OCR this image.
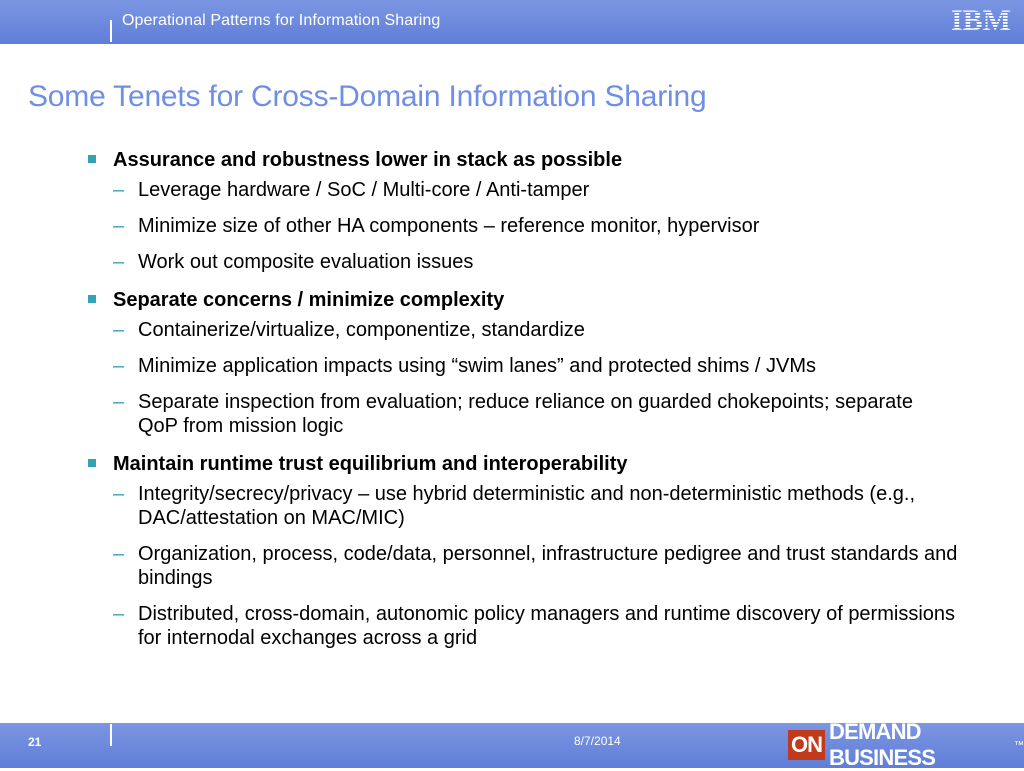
Operational Patterns for Information Sharing	IBM
Some Tenets for Cross-Domain Information Sharing
Assurance and robustness lower in stack as possible
– Leverage hardware / SoC / Multi-core / Anti-tamper
– Minimize size of other HA components – reference monitor, hypervisor
– Work out composite evaluation issues
Separate concerns / minimize complexity
– Containerize/virtualize, componentize, standardize
– Minimize application impacts using “swim lanes” and protected shims / JVMs
– Separate inspection from evaluation; reduce reliance on guarded chokepoints; separate QoP from mission logic
Maintain runtime trust equilibrium and interoperability
– Integrity/secrecy/privacy – use hybrid deterministic and non-deterministic methods (e.g., DAC/attestation on MAC/MIC)
– Organization, process, code/data, personnel, infrastructure pedigree and trust standards and bindings
– Distributed, cross-domain, autonomic policy managers and runtime discovery of permissions for internodal exchanges across a grid
21	8/7/2014	ON
DEMAND BUSINESS	™
